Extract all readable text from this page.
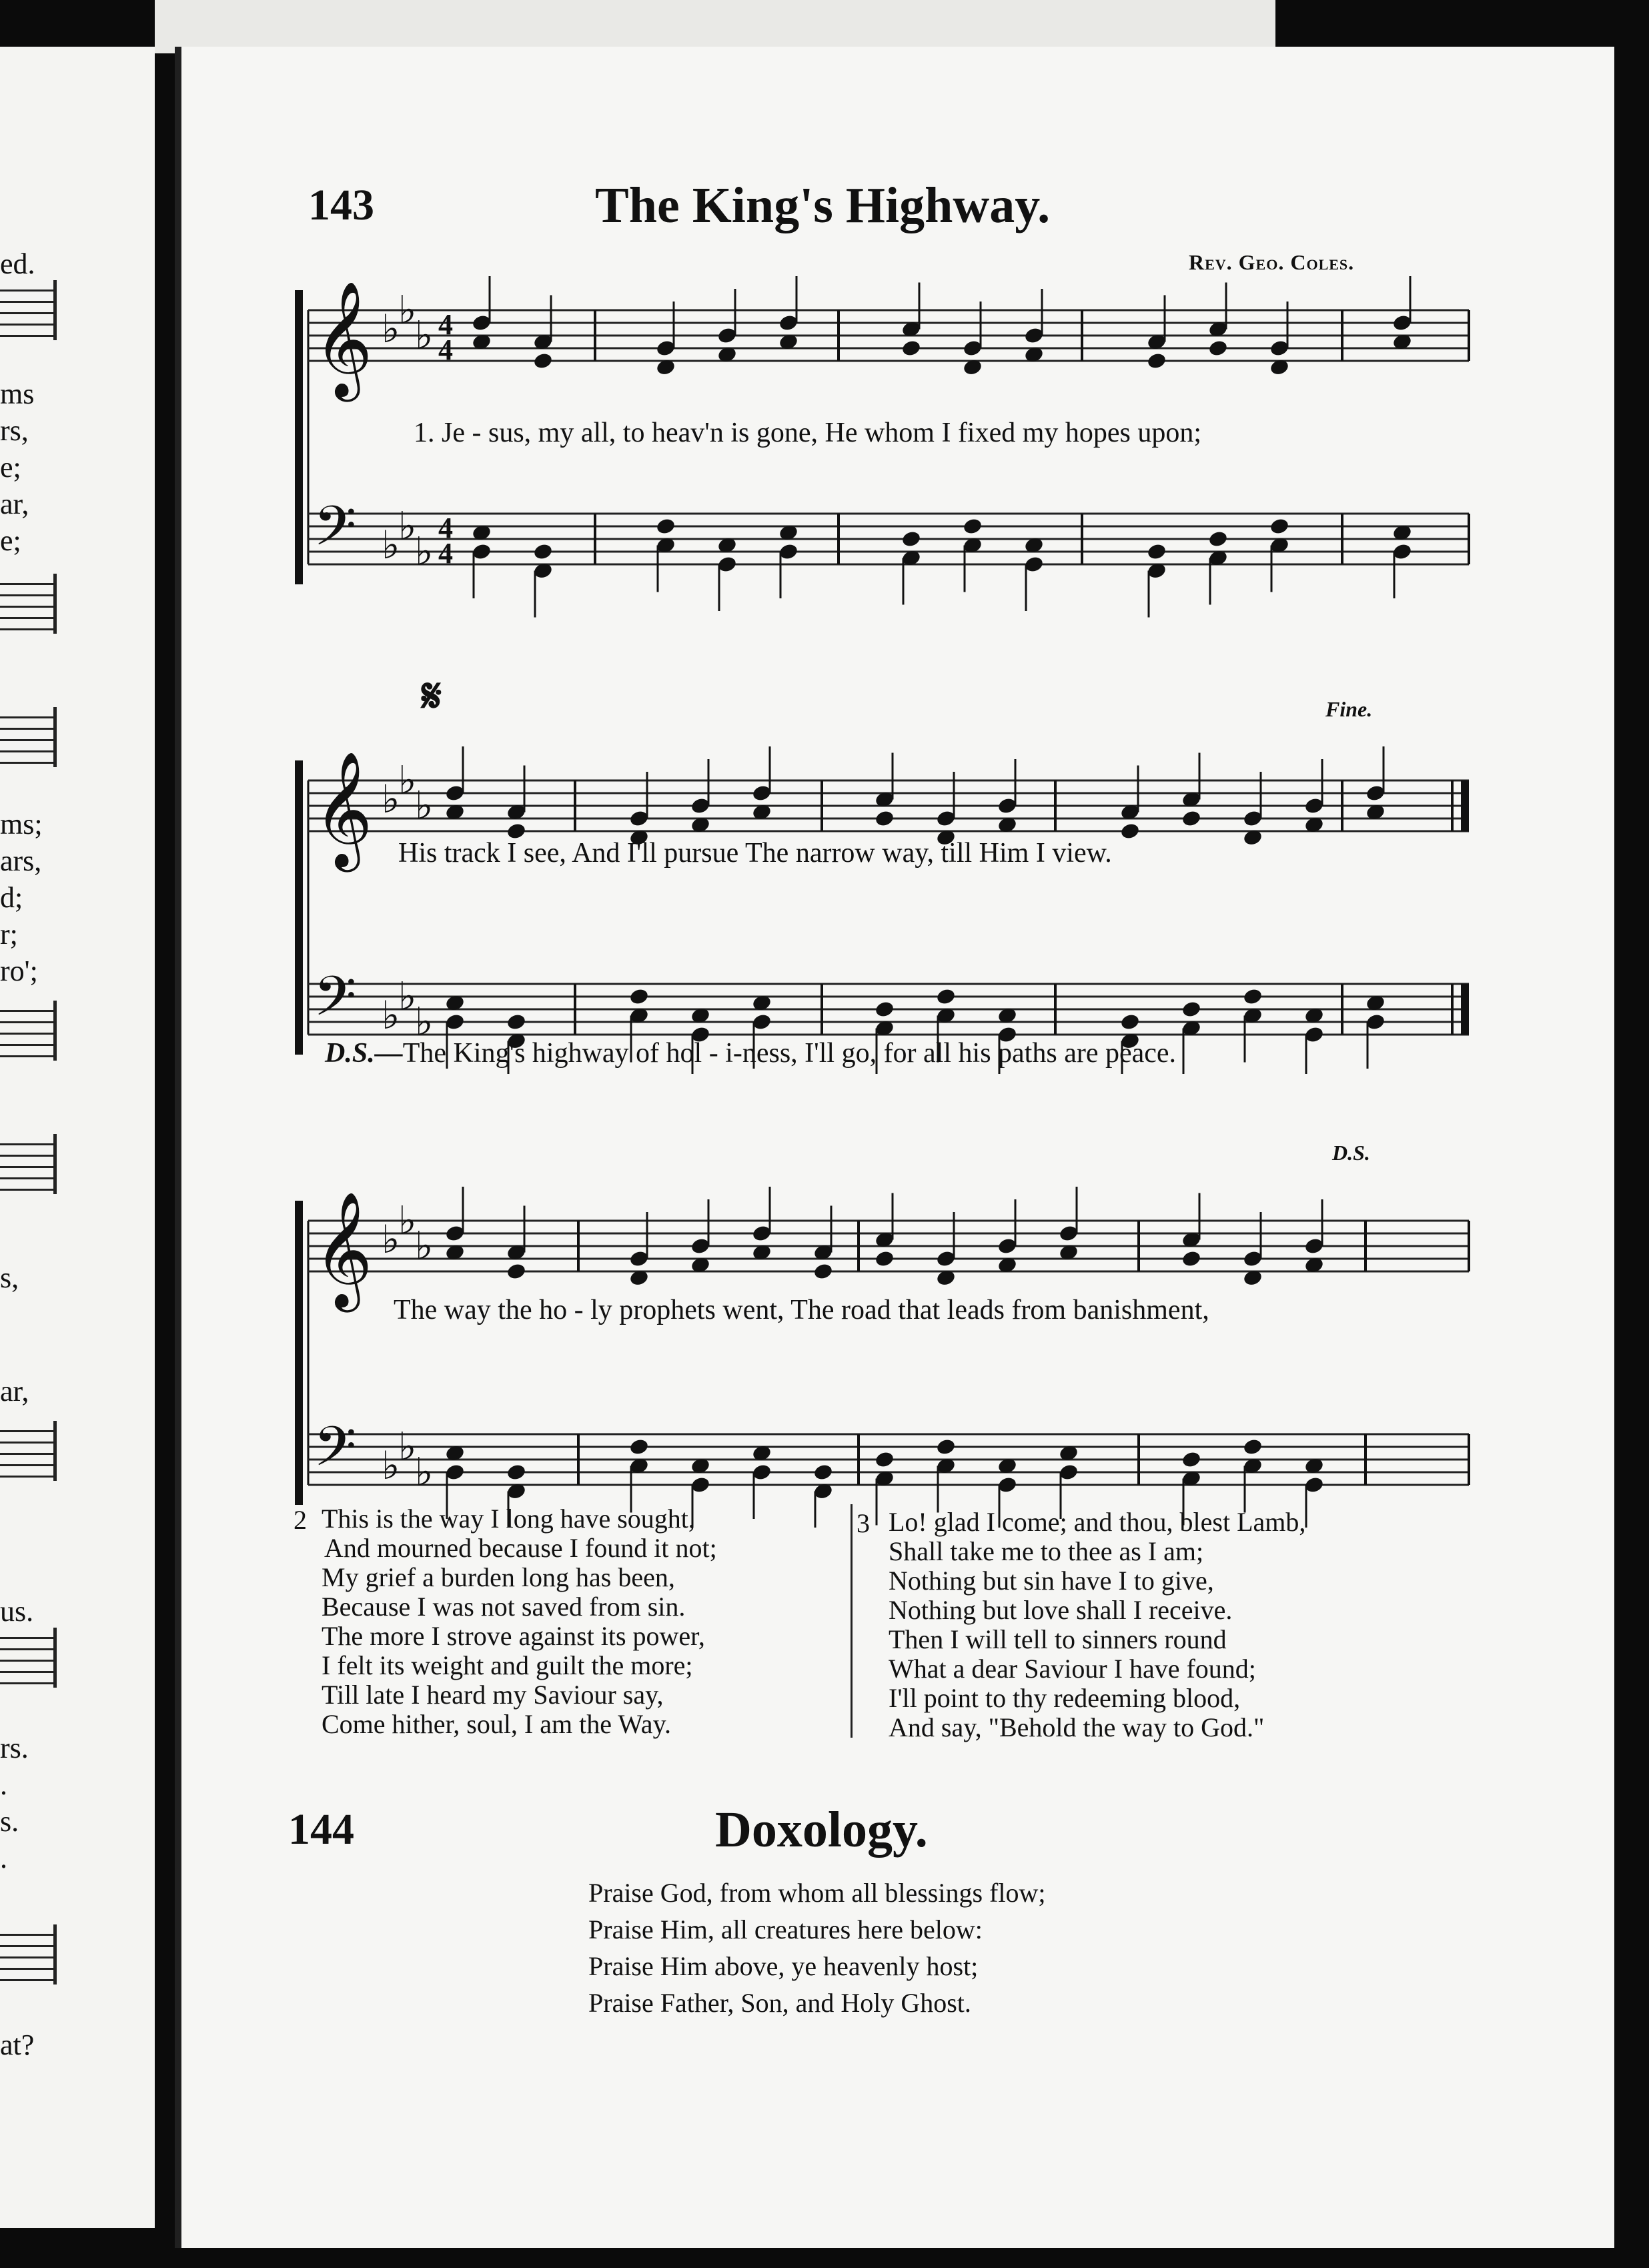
ed.
ms
rs,
e;
ar,
e;
ms;
ars,
d;
r;
ro';
s,
ar,
us.
rs.
.
s.
.
at?
143	The King's Highway.
Rev. Geo. Coles.
𝄞 ♭
♭
♭ 4
4
𝄢 ♭
♭
♭
4
4
1. Je - sus, my all, to heav'n is gone, He whom I fixed my hopes upon;
𝄋	Fine.
𝄞 ♭
♭
♭
𝄢 ♭
♭
♭
His track I see, And I'll pursue The narrow way, till Him I view.
D.S.—The King's highway of hol - i-ness, I'll go, for all his paths are peace.
D.S.
𝄞 ♭
♭
♭
𝄢 ♭
♭
♭
The way the ho - ly prophets went, The road that leads from banishment,
2 This is the way I long have sought,
And mourned because I found it not;
My grief a burden long has been,
Because I was not saved from sin.
The more I strove against its power,
I felt its weight and guilt the more;
Till late I heard my Saviour say,
Come hither, soul, I am the Way.
3 Lo! glad I come; and thou, blest Lamb,
Shall take me to thee as I am;
Nothing but sin have I to give,
Nothing but love shall I receive.
Then I will tell to sinners round
What a dear Saviour I have found;
I'll point to thy redeeming blood,
And say, "Behold the way to God."
144	Doxology.
Praise God, from whom all blessings flow;
Praise Him, all creatures here below:
Praise Him above, ye heavenly host;
Praise Father, Son, and Holy Ghost.
